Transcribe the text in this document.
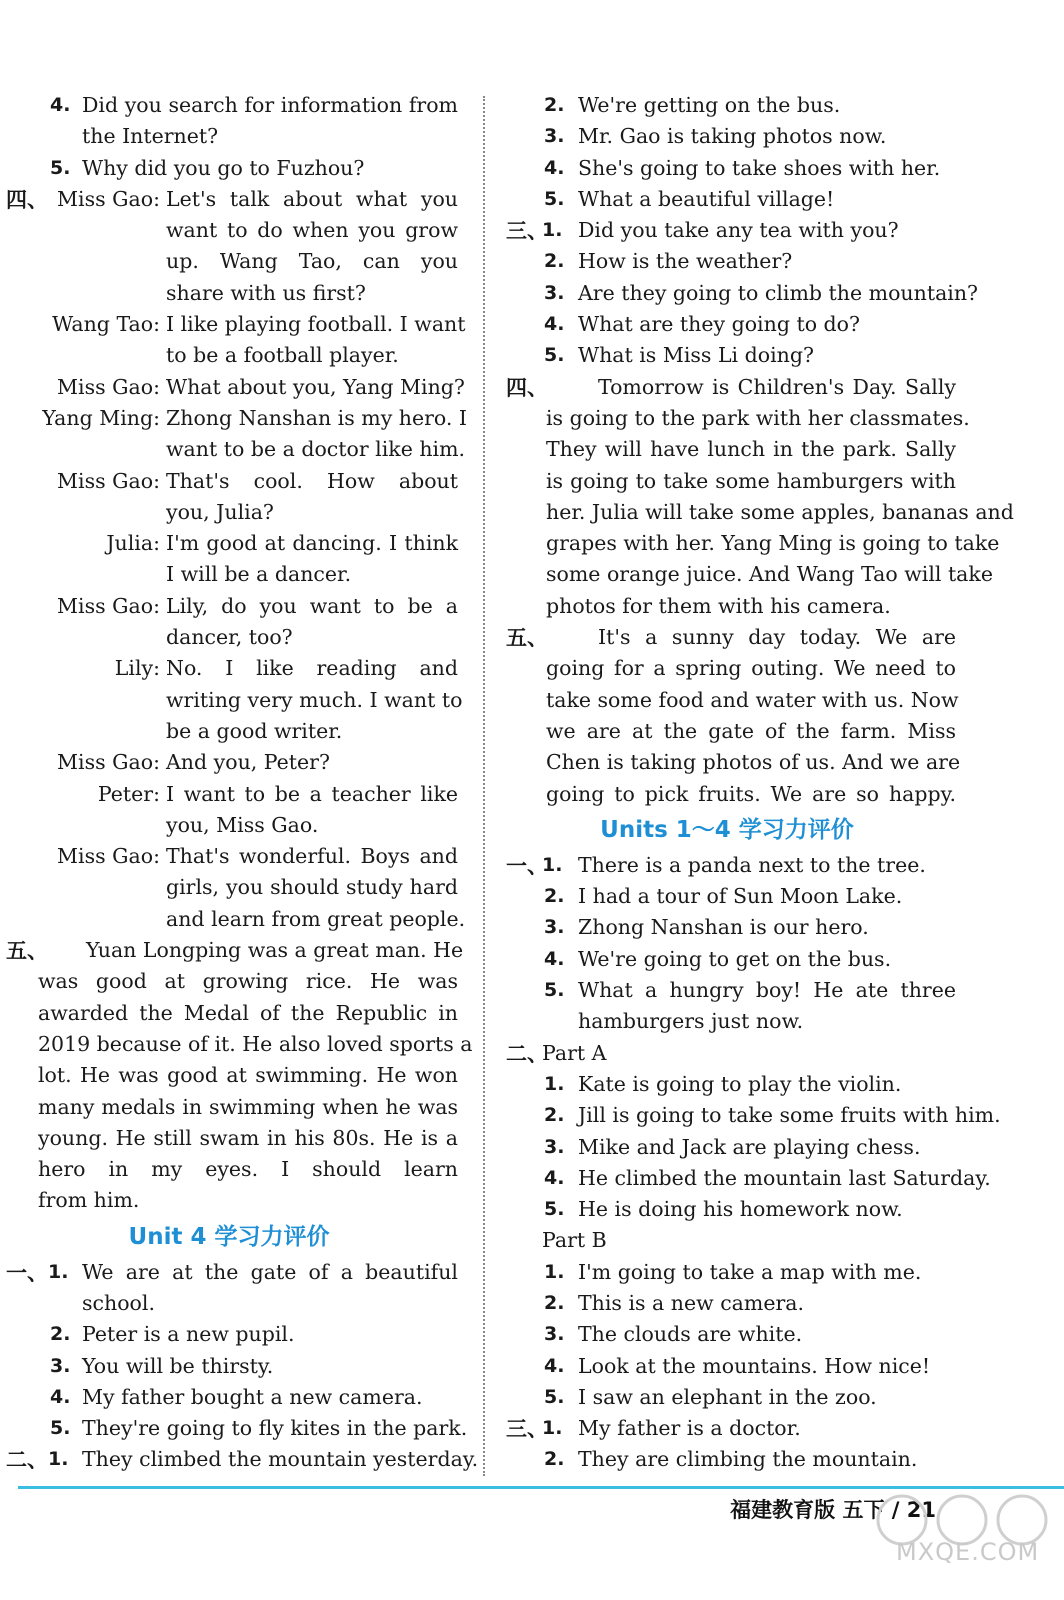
4. Did you search for information from
the Internet?
5. Why did you go to Fuzhou?
四、 Miss Gao: Let's talk about what you
want to do when you grow
up. Wang Tao, can you
share with us first?
Wang Tao: I like playing football. I want
to be a football player.
Miss Gao: What about you, Yang Ming?
Yang Ming: Zhong Nanshan is my hero. I
want to be a doctor like him.
Miss Gao: That's cool. How about
you, Julia?
Julia: I'm good at dancing. I think
I will be a dancer.
Miss Gao: Lily, do you want to be a
dancer, too?
Lily: No. I like reading and
writing very much. I want to
be a good writer.
Miss Gao: And you, Peter?
Peter: I want to be a teacher like
you, Miss Gao.
Miss Gao: That's wonderful. Boys and
girls, you should study hard
and learn from great people.
五、 Yuan Longping was a great man. He
was good at growing rice. He was
awarded the Medal of the Republic in
2019 because of it. He also loved sports a
lot. He was good at swimming. He won
many medals in swimming when he was
young. He still swam in his 80s. He is a
hero in my eyes. I should learn
from him.
Unit 4 学习力评价
一、 1. We are at the gate of a beautiful
school.
2. Peter is a new pupil.
3. You will be thirsty.
4. My father bought a new camera.
5. They're going to fly kites in the park.
二、 1. They climbed the mountain yesterday.
2. We're getting on the bus.
3. Mr. Gao is taking photos now.
4. She's going to take shoes with her.
5. What a beautiful village!
三、
1. Did you take any tea with you?
2. How is the weather?
3. Are they going to climb the mountain?
4. What are they going to do?
5. What is Miss Li doing?
四、 Tomorrow is Children's Day. Sally
is going to the park with her classmates.
They will have lunch in the park. Sally
is going to take some hamburgers with
her. Julia will take some apples, bananas and
grapes with her. Yang Ming is going to take
some orange juice. And Wang Tao will take
photos for them with his camera.
五、 It's a sunny day today. We are
going for a spring outing. We need to
take some food and water with us. Now
we are at the gate of the farm. Miss
Chen is taking photos of us. And we are
going to pick fruits. We are so happy.
Units 1～4 学习力评价
一、
1. There is a panda next to the tree.
2. I had a tour of Sun Moon Lake.
3. Zhong Nanshan is our hero.
4. We're going to get on the bus.
5. What a hungry boy! He ate three
hamburgers just now.
二、
Part A
1. Kate is going to play the violin.
2. Jill is going to take some fruits with him.
3. Mike and Jack are playing chess.
4. He climbed the mountain last Saturday.
5. He is doing his homework now.
Part B
1. I'm going to take a map with me.
2. This is a new camera.
3. The clouds are white.
4. Look at the mountains. How nice!
5. I saw an elephant in the zoo.
三、
1. My father is a doctor.
2. They are climbing the mountain.
福建教育版 五下 / 21
MXQE.COM
